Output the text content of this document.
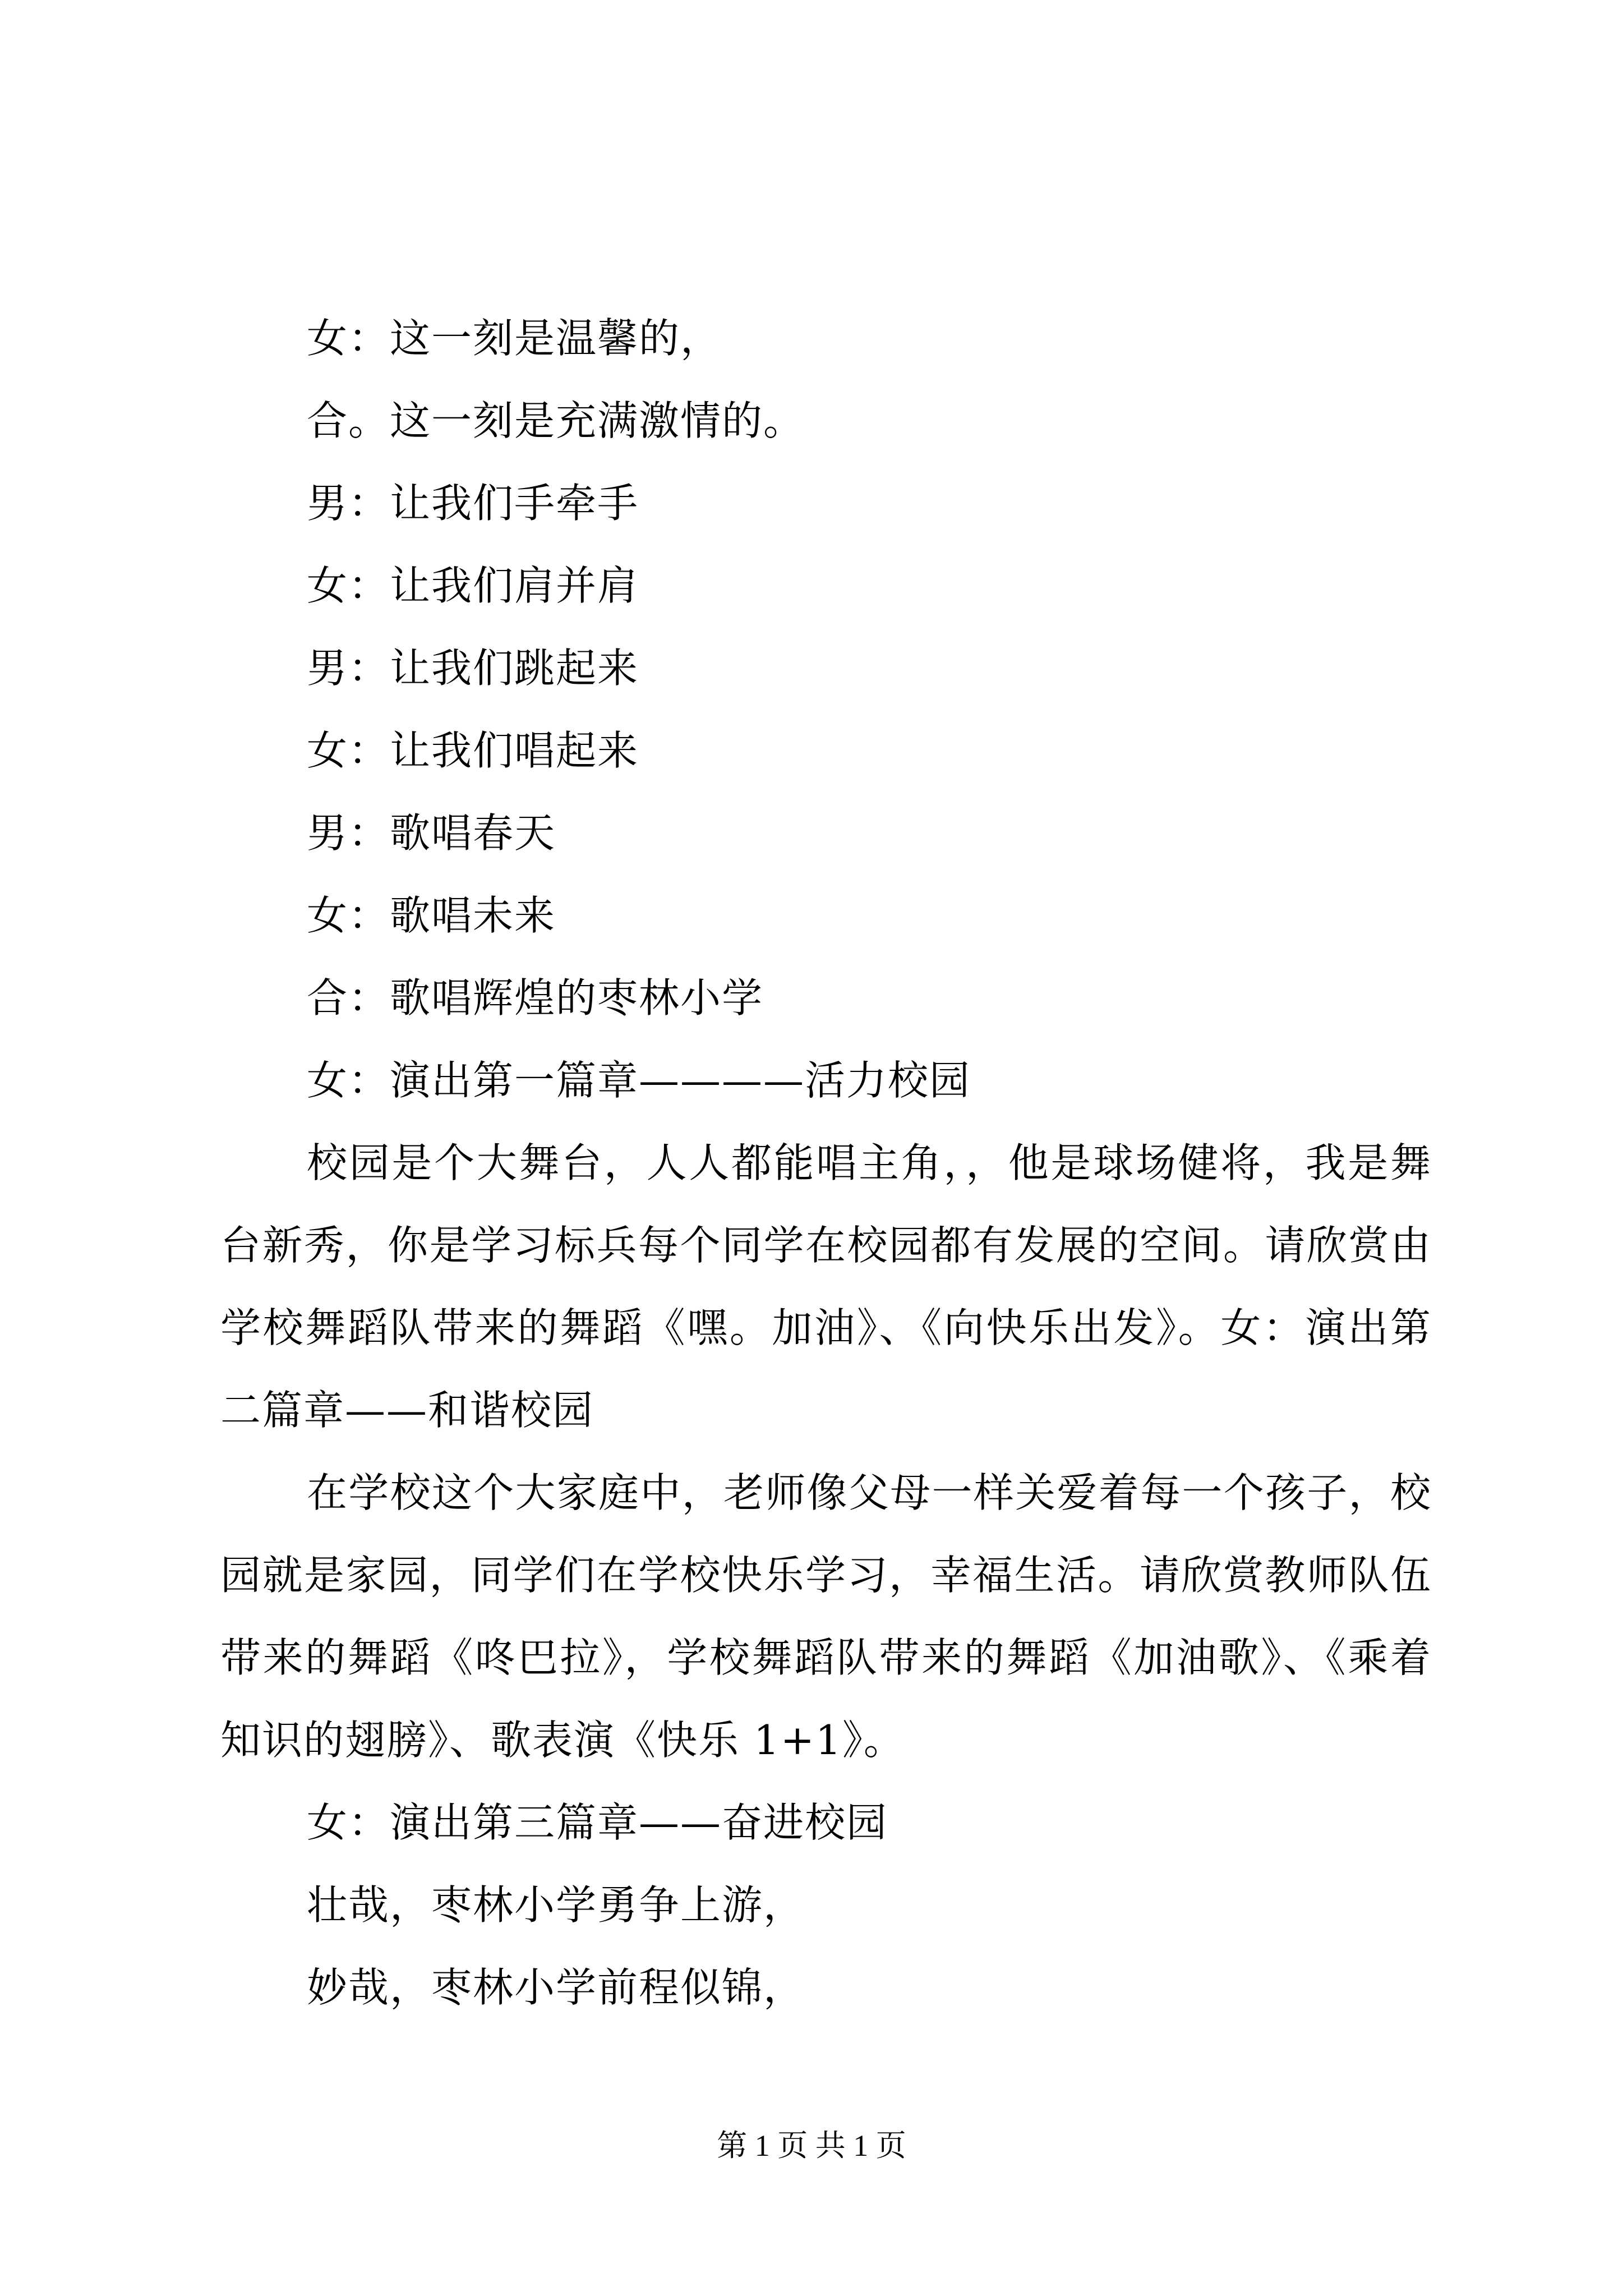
女：这一刻是温馨的，
合。这一刻是充满激情的。
男：让我们手牵手
女：让我们肩并肩
男：让我们跳起来
女：让我们唱起来
男：歌唱春天
女：歌唱未来
合：歌唱辉煌的枣林小学
女：演出第一篇章————活力校园

校园是个大舞台，人人都能唱主角，，他是球场健将，我是舞台新秀，你是学习标兵每个同学在校园都有发展的空间。请欣赏由学校舞蹈队带来的舞蹈《嘿。加油》、《向快乐出发》。女：演出第二篇章——和谐校园

在学校这个大家庭中，老师像父母一样关爱着每一个孩子，校园就是家园，同学们在学校快乐学习，幸福生活。请欣赏教师队伍带来的舞蹈《咚巴拉》，学校舞蹈队带来的舞蹈《加油歌》、《乘着知识的翅膀》、歌表演《快乐 1+1》。

女：演出第三篇章——奋进校园
壮哉，枣林小学勇争上游，
妙哉，枣林小学前程似锦，
第 1 页 共 1 页
